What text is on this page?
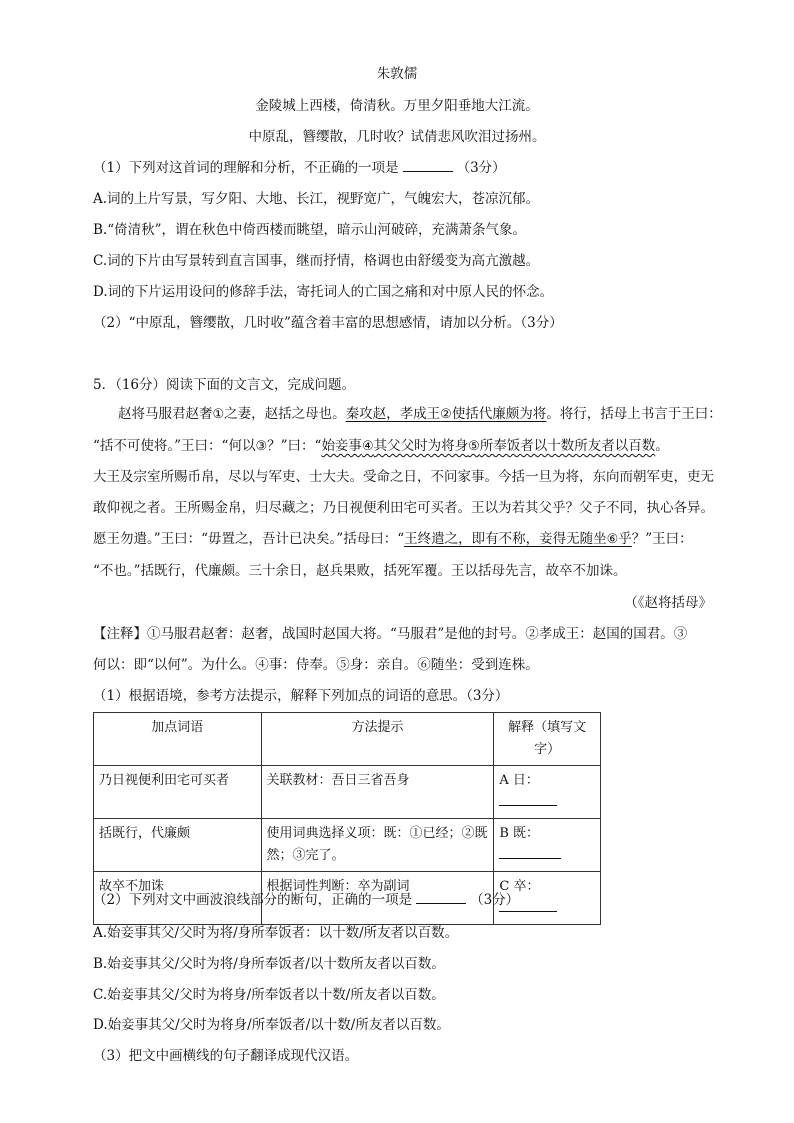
朱敦儒
金陵城上西楼，倚清秋。万里夕阳垂地大江流。
中原乱，簪缨散，几时收？试倩悲风吹泪过扬州。
（1）下列对这首词的理解和分析，不正确的一项是	（3分）
A.词的上片写景，写夕阳、大地、长江，视野宽广，气魄宏大，苍凉沉郁。
B.“倚清秋”，谓在秋色中倚西楼而眺望，暗示山河破碎，充满萧条气象。
C.词的下片由写景转到直言国事，继而抒情，格调也由舒缓变为高亢激越。
D.词的下片运用设问的修辞手法，寄托词人的亡国之痛和对中原人民的怀念。
（2）“中原乱，簪缨散，几时收”蕴含着丰富的思想感情，请加以分析。（3分）
5．（16分）阅读下面的文言文，完成问题。
赵将马服君赵奢①之妻，赵括之母也。秦攻赵，孝成王②使括代廉颇为将。将行，括母上书言于王曰：
“括不可使将。”王曰：“何以③？”曰：“始妾事④其父父时为将身⑤所奉饭者以十数所友者以百数。
大王及宗室所赐币帛，尽以与军吏、士大夫。受命之日，不问家事。今括一旦为将，东向而朝军吏，吏无
敢仰视之者。王所赐金帛，归尽藏之；乃日视便利田宅可买者。王以为若其父乎？父子不同，执心各异。
愿王勿遣。”王曰：“毋置之，吾计已决矣。”括母曰：“王终遣之，即有不称，妾得无随坐⑥乎？”王曰：
“不也。”括既行，代廉颇。三十余日，赵兵果败，括死军覆。王以括母先言，故卒不加诛。
（《赵将括母》
【注释】①马服君赵奢：赵奢，战国时赵国大将。“马服君”是他的封号。②孝成王：赵国的国君。③
何以：即“以何”。为什么。④事：侍奉。⑤身：亲自。⑥随坐：受到连株。
（1）根据语境，参考方法提示，解释下列加点的词语的意思。（3分）
加点词语	方法提示	解释（填写文字）
乃日视便利田宅可买者	关联教材：吾日三省吾身	A 日：
括既行，代廉颇	使用词典选择义项：既：①已经；②既然；③完了。	B 既：
故卒不加诛	根据词性判断：卒为副词	C 卒：
（2）下列对文中画波浪线部分的断句，正确的一项是	（3分）
A.始妾事其父/父时为将/身所奉饭者：以十数/所友者以百数。
B.始妾事其父/父时为将/身所奉饭者/以十数所友者以百数。
C.始妾事其父/父时为将身/所奉饭者以十数/所友者以百数。
D.始妾事其父/父时为将身/所奉饭者/以十数/所友者以百数。
（3）把文中画横线的句子翻译成现代汉语。
